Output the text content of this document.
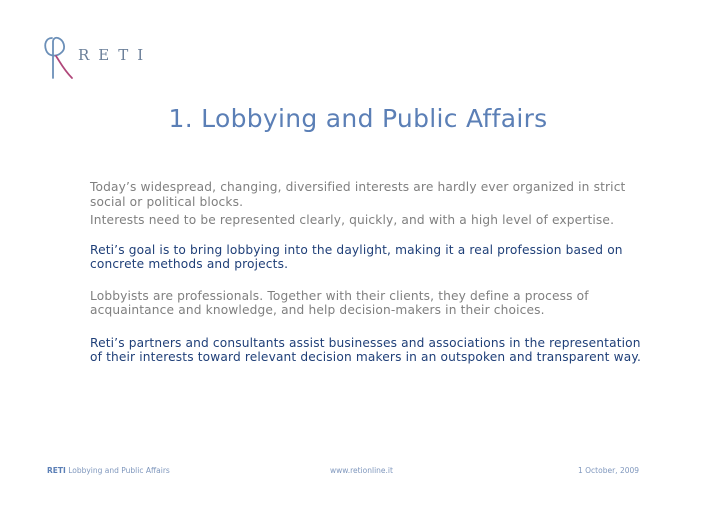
RETI
1. Lobbying and Public Affairs

Today’s widespread, changing, diversified interests are hardly ever organized in strict social or political blocks.

Interests need to be represented clearly, quickly, and with a high level of expertise.

Reti’s goal is to bring lobbying into the daylight, making it a real profession based on concrete methods and projects.

Lobbyists are professionals. Together with their clients, they define a process of acquaintance and knowledge, and help decision-makers in their choices.

Reti’s partners and consultants assist businesses and associations in the representation of their interests toward relevant decision makers in an outspoken and transparent way.

RETI Lobbying and Public Affairs	www.retionline.it	1 October, 2009
